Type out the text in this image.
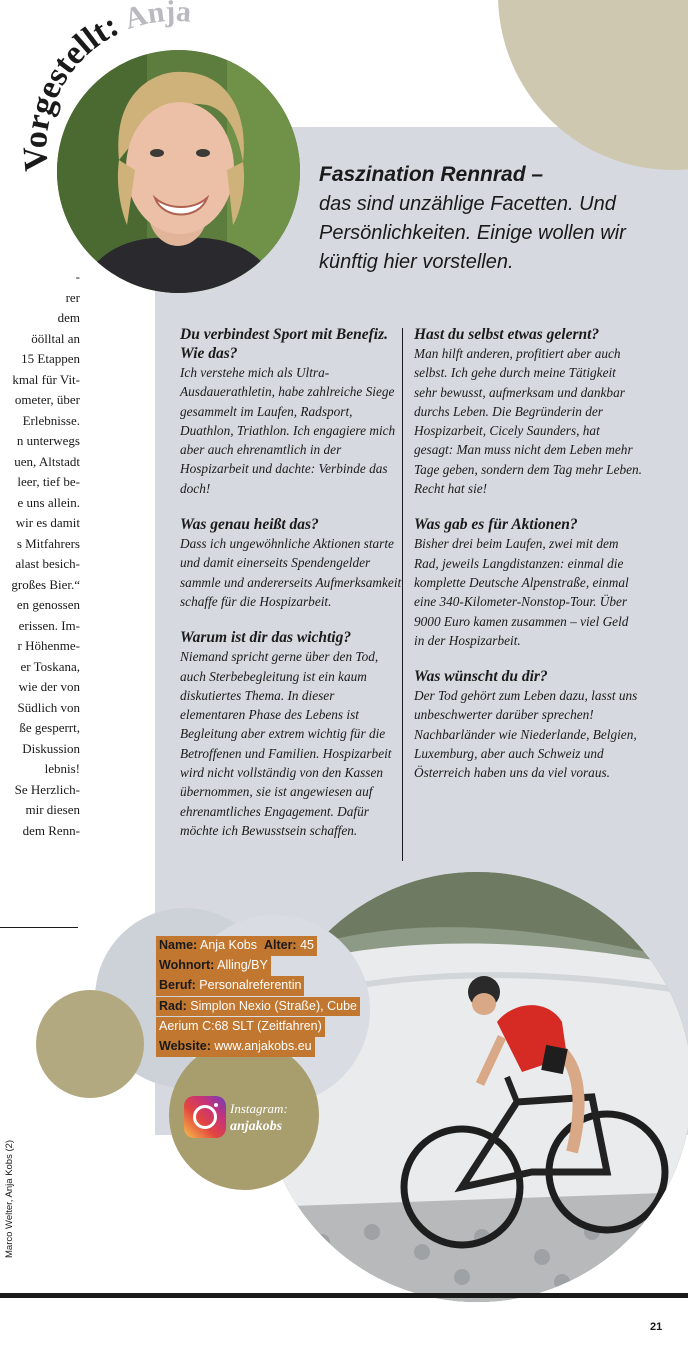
Vorgestellt:Anja
Faszination Rennrad –
das sind unzählige Facetten. Und Persönlichkeiten. Einige wollen wir künftig hier vorstellen.
-
rer
dem
öölltal an
15 Etappen
kmal für Vit-
ometer, über
Erlebnisse.
n unterwegs
uen, Altstadt
leer, tief be-
e uns allein.
wir es damit
s Mitfahrers
alast besich-
großes Bier.“
en genossen
erissen. Im-
r Höhenme-
er Toskana,
wie der von
Südlich von
ße gesperrt,
Diskussion
lebnis!
Se Herzlich-
mir diesen
dem Renn-
Du verbindest Sport mit Benefiz. Wie das?
Ich verstehe mich als Ultra-Ausdauerathletin, habe zahlreiche Siege gesammelt im Laufen, Radsport, Duathlon, Triathlon. Ich engagiere mich aber auch ehrenamtlich in der Hospizarbeit und dachte: Verbinde das doch!
Was genau heißt das?
Dass ich ungewöhnliche Aktionen starte und damit einerseits Spendengelder sammle und andererseits Aufmerksamkeit schaffe für die Hospizarbeit.
Warum ist dir das wichtig?
Niemand spricht gerne über den Tod, auch Sterbebegleitung ist ein kaum diskutiertes Thema. In dieser elementaren Phase des Lebens ist Begleitung aber extrem wichtig für die Betroffenen und Familien. Hospizarbeit wird nicht vollständig von den Kassen übernommen, sie ist angewiesen auf ehrenamtliches Engagement. Dafür möchte ich Bewusstsein schaffen.
Hast du selbst etwas gelernt?
Man hilft anderen, profitiert aber auch selbst. Ich gehe durch meine Tätigkeit sehr bewusst, aufmerksam und dankbar durchs Leben. Die Begründerin der Hospizarbeit, Cicely Saunders, hat gesagt: Man muss nicht dem Leben mehr Tage geben, sondern dem Tag mehr Leben. Recht hat sie!
Was gab es für Aktionen?
Bisher drei beim Laufen, zwei mit dem Rad, jeweils Langdistanzen: einmal die komplette Deutsche Alpenstraße, einmal eine 340-Kilometer-Nonstop-Tour. Über 9000 Euro kamen zusammen – viel Geld in der Hospizarbeit.
Was wünscht du dir?
Der Tod gehört zum Leben dazu, lasst uns unbeschwerter darüber sprechen! Nachbarländer wie Niederlande, Belgien, Luxemburg, aber auch Schweiz und Österreich haben uns da viel voraus.
Name: Anja Kobs Alter: 45
Wohnort: Alling/BY
Beruf: Personalreferentin
Rad: Simplon Nexio (Straße), Cube
Aerium C:68 SLT (Zeitfahren)
Website: www.anjakobs.eu
Instagram:
anjakobs
Marco Welter, Anja Kobs (2)
21
